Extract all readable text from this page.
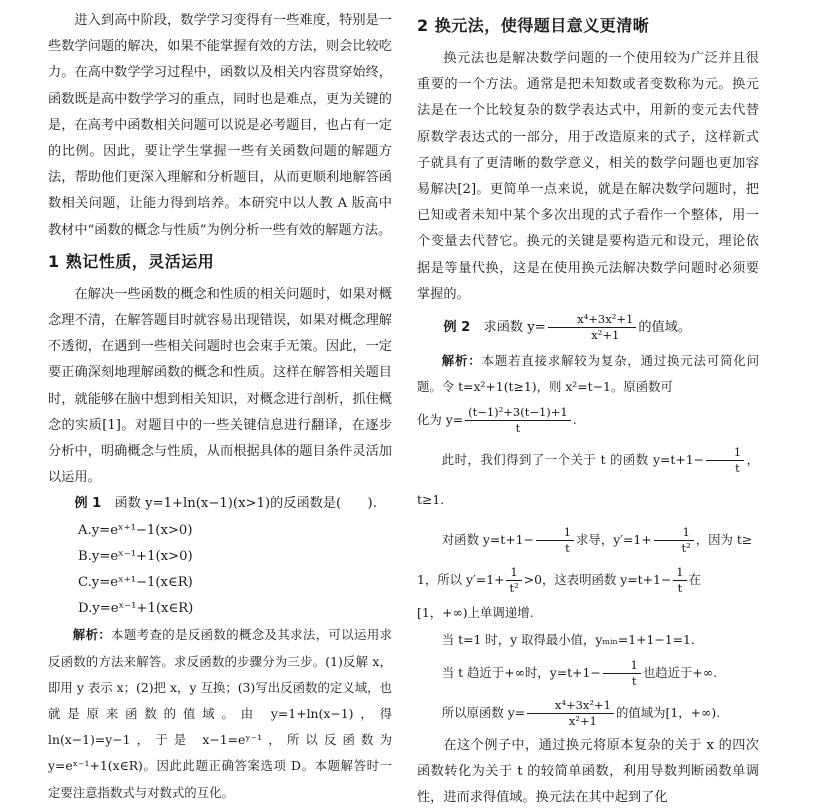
进入到高中阶段，数学学习变得有一些难度，特别是一些数学问题的解决，如果不能掌握有效的方法，则会比较吃力。在高中数学学习过程中，函数以及相关内容贯穿始终，函数既是高中数学学习的重点，同时也是难点，更为关键的是，在高考中函数相关问题可以说是必考题目，也占有一定的比例。因此，要让学生掌握一些有关函数问题的解题方法，帮助他们更深入理解和分析题目，从而更顺利地解答函数相关问题，让能力得到培养。本研究中以人教 A 版高中教材中“函数的概念与性质”为例分析一些有效的解题方法。

1 熟记性质，灵活运用

在解决一些函数的概念和性质的相关问题时，如果对概念理不清，在解答题目时就容易出现错误，如果对概念理解不透彻，在遇到一些相关问题时也会束手无策。因此，一定要正确深刻地理解函数的概念和性质。这样在解答相关题目时，就能够在脑中想到相关知识，对概念进行剖析，抓住概念的实质[1]。对题目中的一些关键信息进行翻译，在逐步分析中，明确概念与性质，从而根据具体的题目条件灵活加以运用。

例 1　 函数 y=1+ln(x−1)(x>1)的反函数是(　　).

A.y=eˣ⁺¹−1(x>0)

B.y=eˣ⁻¹+1(x>0)

C.y=eˣ⁺¹−1(x∈R)

D.y=eˣ⁻¹+1(x∈R)

解析：本题考查的是反函数的概念及其求法，可以运用求反函数的方法来解答。求反函数的步骤分为三步。(1)反解 x，即用 y 表示 x；(2)把 x，y 互换；(3)写出反函数的定义域，也就是原来函数的值域。由 y=1+ln(x−1)，得 ln(x−1)=y−1，于是 x−1=eʸ⁻¹，所以反函数为 y=eˣ⁻¹+1(x∈R)。因此此题正确答案选项 D。本题解答时一定要注意指数式与对数式的互化。

2 换元法，使得题目意义更清晰

换元法也是解决数学问题的一个使用较为广泛并且很重要的一个方法。通常是把未知数或者变数称为元。换元法是在一个比较复杂的数学表达式中，用新的变元去代替原数学表达式的一部分，用于改造原来的式子，这样新式子就具有了更清晰的数学意义，相关的数学问题也更加容易解决[2]。更简单一点来说，就是在解决数学问题时，把已知或者未知中某个多次出现的式子看作一个整体，用一个变量去代替它。换元的关键是要构造元和设元，理论依据是等量代换，这是在使用换元法解决数学问题时必须要掌握的。

例 2　 求函数 $y= \frac{\text{x⁴+3x²+1}}{\text{x²+1}}$ 的值域。

解析：本题若直接求解较为复杂，通过换元法可简化问题。令 t=x²+1(t≥1)，则 x²=t−1。原函数可

化为 $y= \frac{\text{(t−1)²+3(t−1)+1}}{t}$ .

此时，我们得到了一个关于 t 的函数 $y=t+1- \frac{1}{t}$ ，t≥1.

对函数 $y=t+1- \frac{1}{t}$ 求导，$y'=1+ \frac{1}{\text{t²}}$ ，因为 t≥

1，所以 $y'=1+ \frac{1}{\text{t²}} >0$，这表明函数 $y=t+1- \frac{1}{t}$ 在

[1，+∞)上单调递增.

当 t=1 时，y 取得最小值，yₘᵢₙ=1+1−1=1.

当 t 趋近于+∞时，$y=t+1- \frac{1}{t}$ 也趋近于+∞.

所以原函数 $y= \frac{\text{x⁴+3x²+1}}{\text{x²+1}}$ 的值域为[1，+∞).

在这个例子中，通过换元将原本复杂的关于 x 的四次函数转化为关于 t 的较简单函数，利用导数判断函数单调性，进而求得值域。换元法在其中起到了化
